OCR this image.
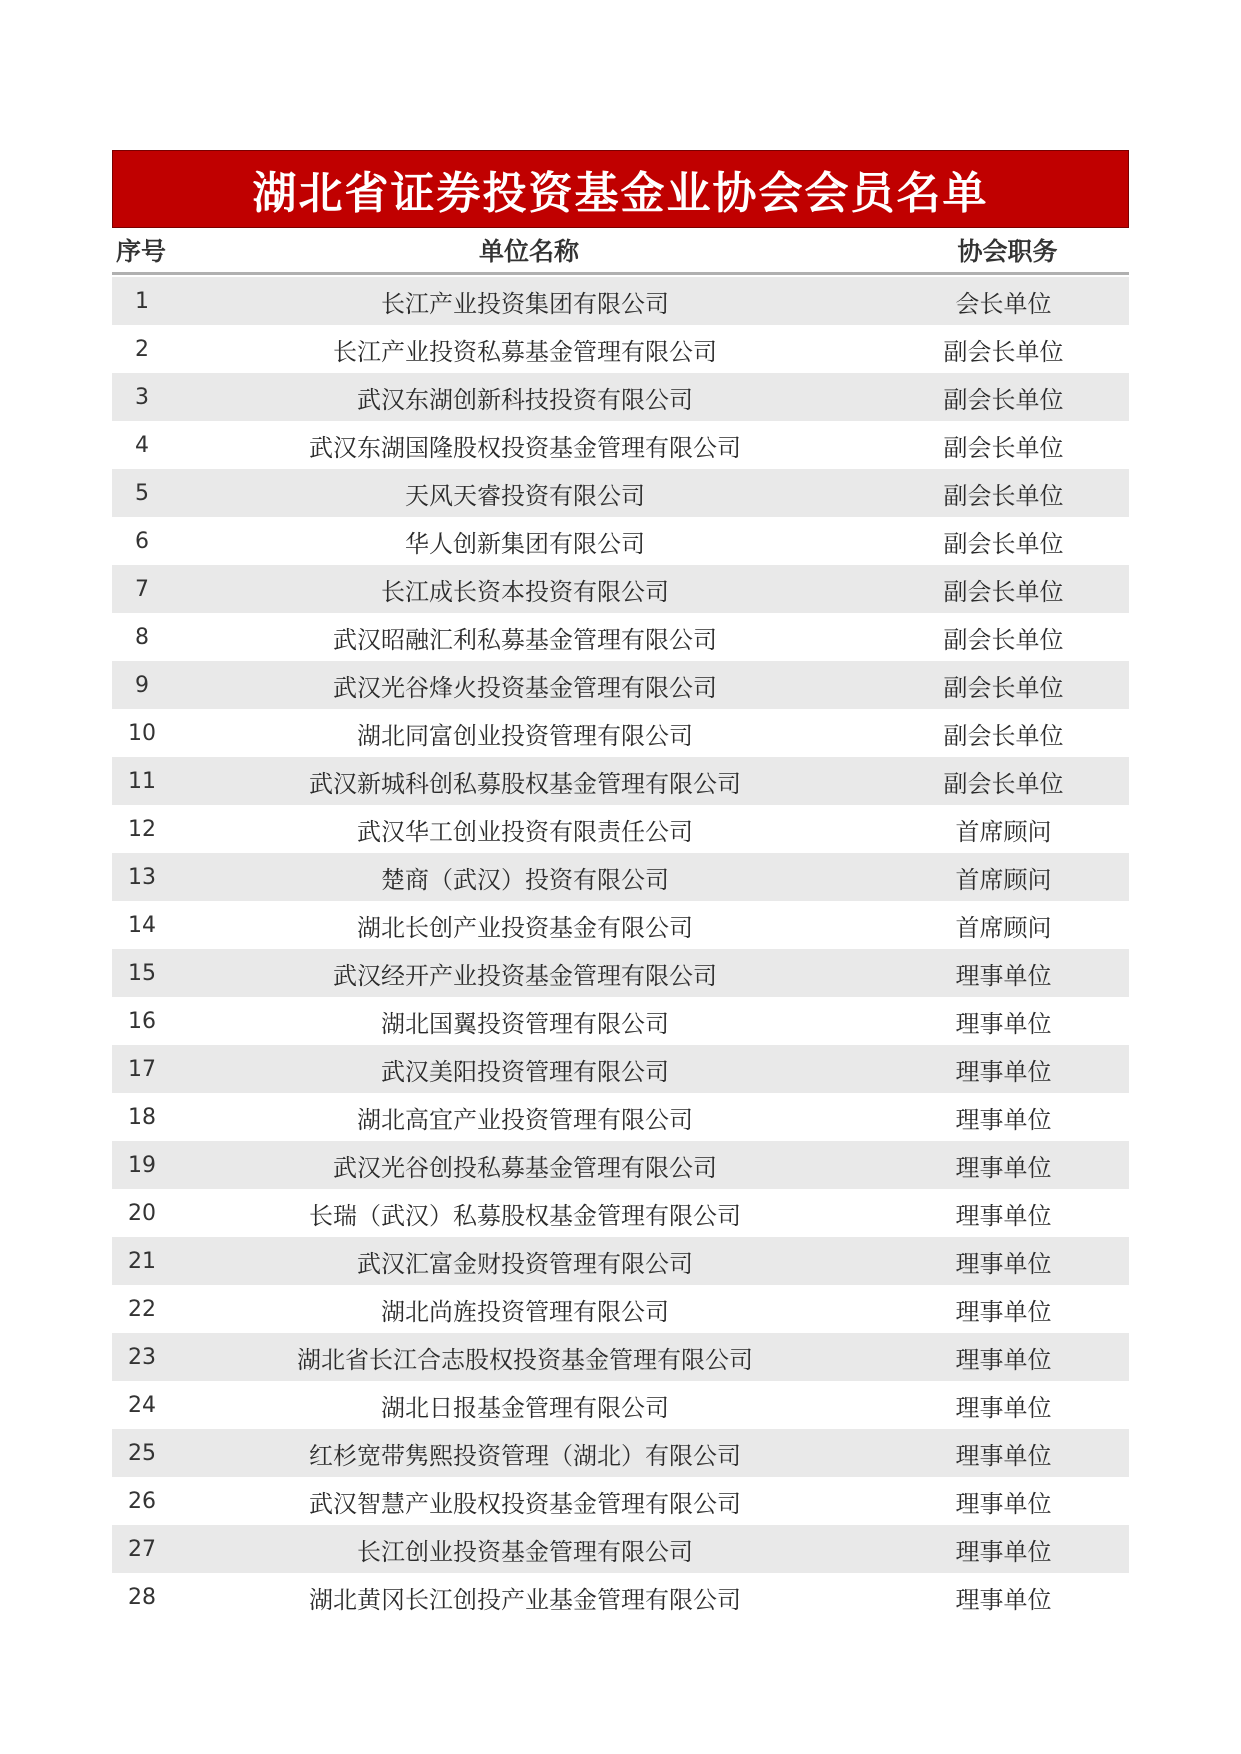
湖北省证券投资基金业协会会员名单
序号	单位名称	协会职务
1	长江产业投资集团有限公司	会长单位
2	长江产业投资私募基金管理有限公司	副会长单位
3	武汉东湖创新科技投资有限公司	副会长单位
4	武汉东湖国隆股权投资基金管理有限公司	副会长单位
5	天风天睿投资有限公司	副会长单位
6	华人创新集团有限公司	副会长单位
7	长江成长资本投资有限公司	副会长单位
8	武汉昭融汇利私募基金管理有限公司	副会长单位
9	武汉光谷烽火投资基金管理有限公司	副会长单位
10	湖北同富创业投资管理有限公司	副会长单位
11	武汉新城科创私募股权基金管理有限公司	副会长单位
12	武汉华工创业投资有限责任公司	首席顾问
13	楚商（武汉）投资有限公司	首席顾问
14	湖北长创产业投资基金有限公司	首席顾问
15	武汉经开产业投资基金管理有限公司	理事单位
16	湖北国翼投资管理有限公司	理事单位
17	武汉美阳投资管理有限公司	理事单位
18	湖北高宜产业投资管理有限公司	理事单位
19	武汉光谷创投私募基金管理有限公司	理事单位
20	长瑞（武汉）私募股权基金管理有限公司	理事单位
21	武汉汇富金财投资管理有限公司	理事单位
22	湖北尚旌投资管理有限公司	理事单位
23	湖北省长江合志股权投资基金管理有限公司	理事单位
24	湖北日报基金管理有限公司	理事单位
25	红杉宽带隽熙投资管理（湖北）有限公司	理事单位
26	武汉智慧产业股权投资基金管理有限公司	理事单位
27	长江创业投资基金管理有限公司	理事单位
28	湖北黄冈长江创投产业基金管理有限公司	理事单位
